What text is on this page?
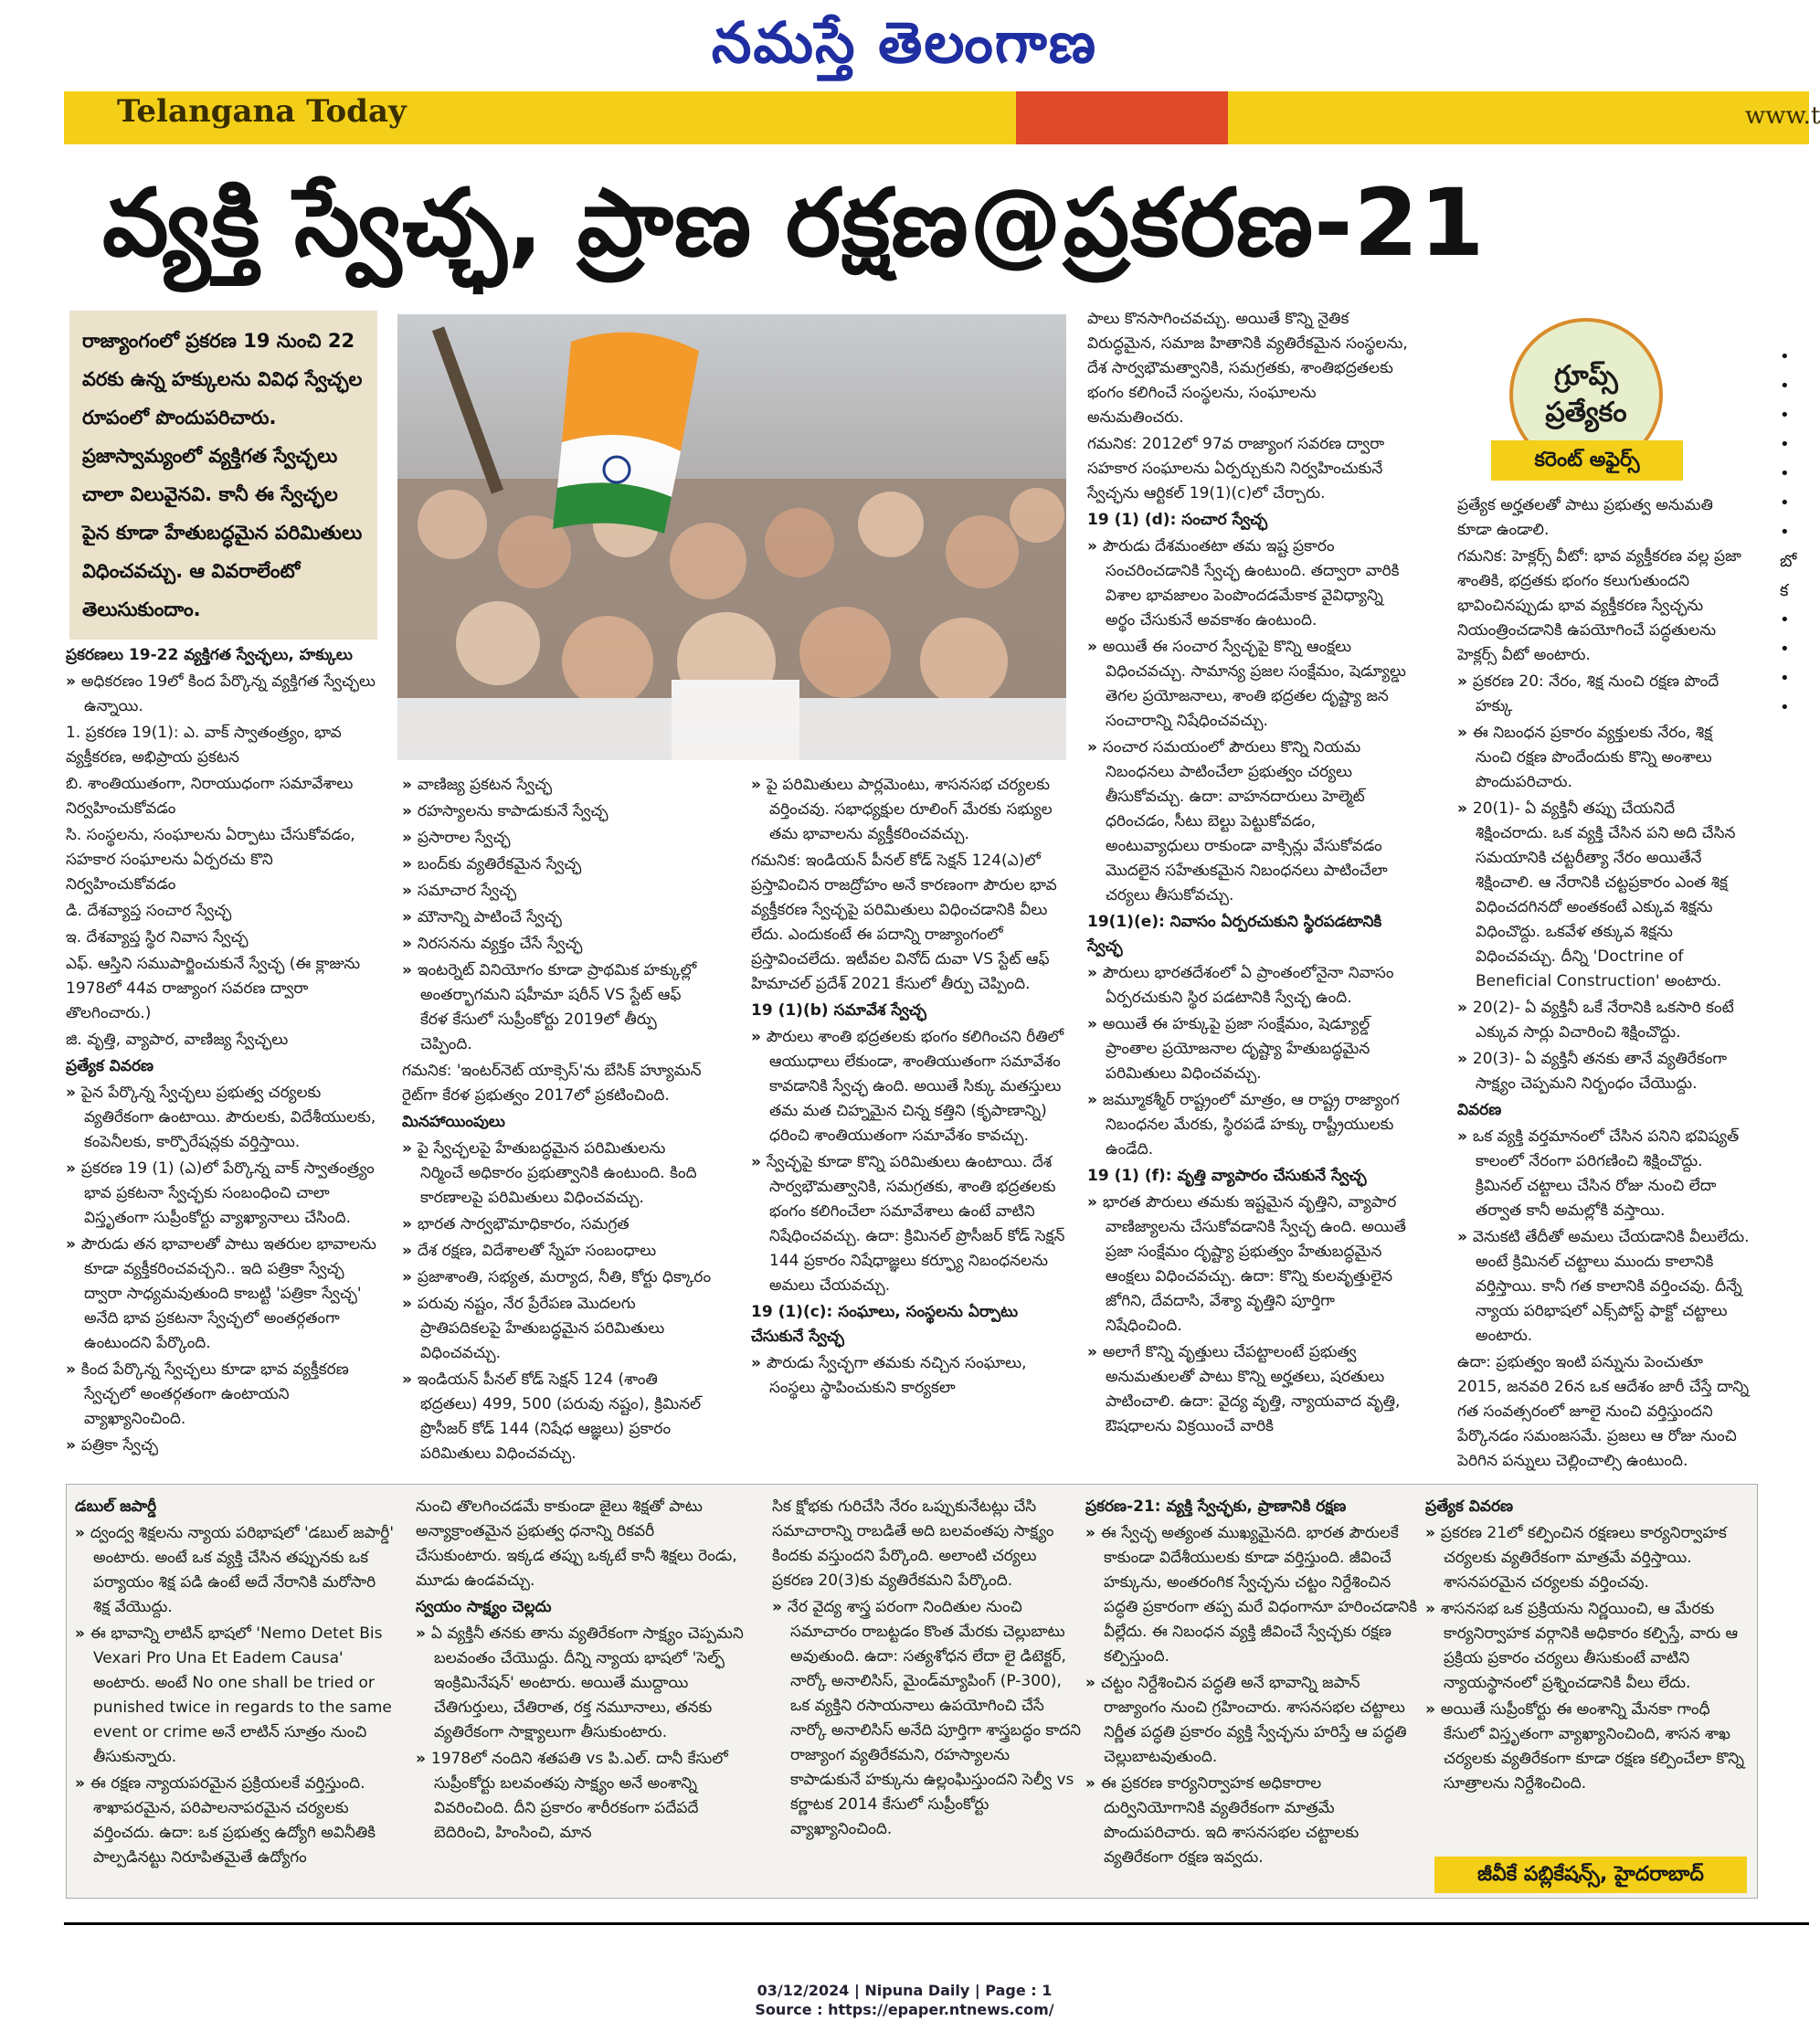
నమస్తే తెలంగాణ
Telangana Today	www.t
వ్యక్తి స్వేచ్ఛ, ప్రాణ రక్షణ@ప్రకరణ-21
రాజ్యాంగంలో ప్రకరణ 19 నుంచి 22 వరకు ఉన్న హక్కులను వివిధ స్వేచ్ఛల రూపంలో పొందుపరిచారు. ప్రజాస్వామ్యంలో వ్యక్తిగత స్వేచ్ఛలు చాలా విలువైనవి. కానీ ఈ స్వేచ్ఛల పైన కూడా హేతుబద్ధమైన పరిమితులు విధించవచ్చు. ఆ వివరాలేంటో తెలుసుకుందాం.

ప్రకరణలు 19-22 వ్యక్తిగత స్వేచ్ఛలు, హక్కులు

» అధికరణం 19లో కింద పేర్కొన్న వ్యక్తిగత స్వేచ్ఛలు ఉన్నాయి.

1. ప్రకరణ 19(1): ఎ. వాక్ స్వాతంత్ర్యం, భావ వ్యక్తీకరణ, అభిప్రాయ ప్రకటన

బి. శాంతియుతంగా, నిరాయుధంగా సమావేశాలు నిర్వహించుకోవడం

సి. సంస్థలను, సంఘాలను ఏర్పాటు చేసుకోవడం, సహకార సంఘాలను ఏర్పరచు కొని నిర్వహించుకోవడం

డి. దేశవ్యాప్త సంచార స్వేచ్ఛ

ఇ. దేశవ్యాప్త స్థిర నివాస స్వేచ్ఛ

ఎఫ్. ఆస్తిని సముపార్జించుకునే స్వేచ్ఛ (ఈ క్లాజును 1978లో 44వ రాజ్యాంగ సవరణ ద్వారా తొలగించారు.)

జి. వృత్తి, వ్యాపార, వాణిజ్య స్వేచ్ఛలు

ప్రత్యేక వివరణ

» పైన పేర్కొన్న స్వేచ్ఛలు ప్రభుత్వ చర్యలకు వ్యతిరేకంగా ఉంటాయి. పౌరులకు, విదేశీయులకు, కంపెనీలకు, కార్పొరేషన్లకు వర్తిస్తాయి.

» ప్రకరణ 19 (1) (ఎ)లో పేర్కొన్న వాక్ స్వాతంత్ర్యం భావ ప్రకటనా స్వేచ్ఛకు సంబంధించి చాలా విస్తృతంగా సుప్రీంకోర్టు వ్యాఖ్యానాలు చేసింది.

» పౌరుడు తన భావాలతో పాటు ఇతరుల భావాలను కూడా వ్యక్తీకరించవచ్చని.. ఇది పత్రికా స్వేచ్ఛ ద్వారా సాధ్యమవుతుంది కాబట్టి 'పత్రికా స్వేచ్ఛ' అనేది భావ ప్రకటనా స్వేచ్ఛలో అంతర్గతంగా ఉంటుందని పేర్కొంది.

» కింద పేర్కొన్న స్వేచ్ఛలు కూడా భావ వ్యక్తీకరణ స్వేచ్ఛలో అంతర్గతంగా ఉంటాయని వ్యాఖ్యానించింది.

» పత్రికా స్వేచ్ఛ

» వాణిజ్య ప్రకటన స్వేచ్ఛ

» రహస్యాలను కాపాడుకునే స్వేచ్ఛ

» ప్రసారాల స్వేచ్ఛ

» బంద్‌కు వ్యతిరేకమైన స్వేచ్ఛ

» సమాచార స్వేచ్ఛ

» మౌనాన్ని పాటించే స్వేచ్ఛ

» నిరసనను వ్యక్తం చేసే స్వేచ్ఛ

» ఇంటర్నెట్ వినియోగం కూడా ప్రాథమిక హక్కుల్లో అంతర్భాగమని షహీమా షరీన్ VS స్టేట్ ఆఫ్ కేరళ కేసులో సుప్రీంకోర్టు 2019లో తీర్పు చెప్పింది.

గమనిక: 'ఇంటర్‌నెట్ యాక్సెస్‌'ను బేసిక్ హ్యూమన్ రైట్‌గా కేరళ ప్రభుత్వం 2017లో ప్రకటించింది.

మినహాయింపులు

» పై స్వేచ్ఛలపై హేతుబద్ధమైన పరిమితులను నిర్మించే అధికారం ప్రభుత్వానికి ఉంటుంది. కింది కారణాలపై పరిమితులు విధించవచ్చు.

» భారత సార్వభౌమాధికారం, సమగ్రత

» దేశ రక్షణ, విదేశాలతో స్నేహ సంబంధాలు

» ప్రజాశాంతి, సభ్యత, మర్యాద, నీతి, కోర్టు ధిక్కారం

» పరువు నష్టం, నేర ప్రేరేపణ మొదలగు ప్రాతిపదికలపై హేతుబద్ధమైన పరిమితులు విధించవచ్చు.

» ఇండియన్ పీనల్ కోడ్ సెక్షన్ 124 (శాంతి భద్రతలు) 499, 500 (పరువు నష్టం), క్రిమినల్ ప్రొసీజర్ కోడ్ 144 (నిషేధ ఆజ్ఞలు) ప్రకారం పరిమితులు విధించవచ్చు.

» పై పరిమితులు పార్లమెంటు, శాసనసభ చర్యలకు వర్తించవు. సభాధ్యక్షుల రూలింగ్ మేరకు సభ్యుల తమ భావాలను వ్యక్తీకరించవచ్చు.

గమనిక: ఇండియన్ పీనల్ కోడ్ సెక్షన్ 124(ఎ)లో ప్రస్తావించిన రాజద్రోహం అనే కారణంగా పౌరుల భావ వ్యక్తీకరణ స్వేచ్ఛపై పరిమితులు విధించడానికి వీలు లేదు. ఎందుకంటే ఈ పదాన్ని రాజ్యాంగంలో ప్రస్తావించలేదు. ఇటీవల వినోద్ దువా VS స్టేట్ ఆఫ్ హిమాచల్ ప్రదేశ్ 2021 కేసులో తీర్పు చెప్పింది.

19 (1)(b) సమావేశ స్వేచ్ఛ

» పౌరులు శాంతి భద్రతలకు భంగం కలిగించని రీతిలో ఆయుధాలు లేకుండా, శాంతియుతంగా సమావేశం కావడానికి స్వేచ్ఛ ఉంది. అయితే సిక్కు మతస్తులు తమ మత చిహ్నమైన చిన్న కత్తిని (కృపాణాన్ని) ధరించి శాంతియుతంగా సమావేశం కావచ్చు.

» స్వేచ్ఛపై కూడా కొన్ని పరిమితులు ఉంటాయి. దేశ సార్వభౌమత్వానికి, సమగ్రతకు, శాంతి భద్రతలకు భంగం కలిగించేలా సమావేశాలు ఉంటే వాటిని నిషేధించవచ్చు. ఉదా: క్రిమినల్ ప్రొసీజర్ కోడ్ సెక్షన్ 144 ప్రకారం నిషేధాజ్ఞలు కర్ఫ్యూ నిబంధనలను అమలు చేయవచ్చు.

19 (1)(c): సంఘాలు, సంస్థలను ఏర్పాటు చేసుకునే స్వేచ్ఛ

» పౌరుడు స్వేచ్ఛగా తమకు నచ్చిన సంఘాలు, సంస్థలు స్థాపించుకుని కార్యకలా

పాలు కొనసాగించవచ్చు. అయితే కొన్ని నైతిక విరుద్ధమైన, సమాజ హితానికి వ్యతిరేకమైన సంస్థలను, దేశ సార్వభౌమత్వానికి, సమగ్రతకు, శాంతిభద్రతలకు భంగం కలిగించే సంస్థలను, సంఘాలను అనుమతించరు.

గమనిక: 2012లో 97వ రాజ్యాంగ సవరణ ద్వారా సహకార సంఘాలను ఏర్పర్చుకుని నిర్వహించుకునే స్వేచ్ఛను ఆర్టికల్ 19(1)(c)లో చేర్చారు.

19 (1) (d): సంచార స్వేచ్ఛ

» పౌరుడు దేశమంతటా తమ ఇష్ట ప్రకారం సంచరించడానికి స్వేచ్ఛ ఉంటుంది. తద్వారా వారికి విశాల భావజాలం పెంపొందడమేకాక వైవిధ్యాన్ని అర్థం చేసుకునే అవకాశం ఉంటుంది.

» అయితే ఈ సంచార స్వేచ్ఛపై కొన్ని ఆంక్షలు విధించవచ్చు. సామాన్య ప్రజల సంక్షేమం, షెడ్యూల్డు తెగల ప్రయోజనాలు, శాంతి భద్రతల దృష్ట్యా జన సంచారాన్ని నిషేధించవచ్చు.

» సంచార సమయంలో పౌరులు కొన్ని నియమ నిబంధనలు పాటించేలా ప్రభుత్వం చర్యలు తీసుకోవచ్చు. ఉదా: వాహనదారులు హెల్మెట్ ధరించడం, సీటు బెల్టు పెట్టుకోవడం, అంటువ్యాధులు రాకుండా వాక్సిన్లు వేసుకోవడం మొదలైన సహేతుకమైన నిబంధనలు పాటించేలా చర్యలు తీసుకోవచ్చు.

19(1)(e): నివాసం ఏర్పరచుకుని స్థిరపడటానికి స్వేచ్ఛ

» పౌరులు భారతదేశంలో ఏ ప్రాంతంలోనైనా నివాసం ఏర్పరచుకుని స్థిర పడటానికి స్వేచ్ఛ ఉంది.

» అయితే ఈ హక్కుపై ప్రజా సంక్షేమం, షెడ్యూల్డ్ ప్రాంతాల ప్రయోజనాల దృష్ట్యా హేతుబద్ధమైన పరిమితులు విధించవచ్చు.

» జమ్మూకశ్మీర్ రాష్ట్రంలో మాత్రం, ఆ రాష్ట్ర రాజ్యాంగ నిబంధనల మేరకు, స్థిరపడే హక్కు రాష్ట్రీయులకు ఉండేది.

19 (1) (f): వృత్తి వ్యాపారం చేసుకునే స్వేచ్ఛ

» భారత పౌరులు తమకు ఇష్టమైన వృత్తిని, వ్యాపార వాణిజ్యాలను చేసుకోవడానికి స్వేచ్ఛ ఉంది. అయితే ప్రజా సంక్షేమం దృష్ట్యా ప్రభుత్వం హేతుబద్ధమైన ఆంక్షలు విధించవచ్చు. ఉదా: కొన్ని కులవృత్తులైన జోగిని, దేవదాసి, వేశ్యా వృత్తిని పూర్తిగా నిషేధించింది.

» అలాగే కొన్ని వృత్తులు చేపట్టాలంటే ప్రభుత్వ అనుమతులతో పాటు కొన్ని అర్హతలు, షరతులు పాటించాలి. ఉదా: వైద్య వృత్తి, న్యాయవాద వృత్తి, ఔషధాలను విక్రయించే వారికి

ప్రత్యేక అర్హతలతో పాటు ప్రభుత్వ అనుమతి కూడా ఉండాలి.

గమనిక: హెక్లర్స్ వీటో: భావ వ్యక్తీకరణ వల్ల ప్రజా శాంతికి, భద్రతకు భంగం కలుగుతుందని భావించినప్పుడు భావ వ్యక్తీకరణ స్వేచ్ఛను నియంత్రించడానికి ఉపయోగించే పద్ధతులను హెక్లర్స్ వీటో అంటారు.

» ప్రకరణ 20: నేరం, శిక్ష నుంచి రక్షణ పొందే హక్కు

» ఈ నిబంధన ప్రకారం వ్యక్తులకు నేరం, శిక్ష నుంచి రక్షణ పొందేందుకు కొన్ని అంశాలు పొందుపరిచారు.

» 20(1)- ఏ వ్యక్తినీ తప్పు చేయనిదే శిక్షించరాదు. ఒక వ్యక్తి చేసిన పని అది చేసిన సమయానికి చట్టరీత్యా నేరం అయితేనే శిక్షించాలి. ఆ నేరానికి చట్టప్రకారం ఎంత శిక్ష విధించదగినదో అంతకంటే ఎక్కువ శిక్షను విధించొద్దు. ఒకవేళ తక్కువ శిక్షను విధించవచ్చు. దీన్ని 'Doctrine of Beneficial Construction' అంటారు.

» 20(2)- ఏ వ్యక్తినీ ఒకే నేరానికి ఒకసారి కంటే ఎక్కువ సార్లు విచారించి శిక్షించొద్దు.

» 20(3)- ఏ వ్యక్తినీ తనకు తానే వ్యతిరేకంగా సాక్ష్యం చెప్పమని నిర్బంధం చేయొద్దు.

వివరణ

» ఒక వ్యక్తి వర్తమానంలో చేసిన పనిని భవిష్యత్ కాలంలో నేరంగా పరిగణించి శిక్షించొద్దు. క్రిమినల్ చట్టాలు చేసిన రోజు నుంచి లేదా తర్వాత కానీ అమల్లోకి వస్తాయి.

» వెనుకటి తేదీతో అమలు చేయడానికి వీలులేదు. అంటే క్రిమినల్ చట్టాలు ముందు కాలానికి వర్తిస్తాయి. కానీ గత కాలానికి వర్తించవు. దీన్నే న్యాయ పరిభాషలో ఎక్స్‌పోస్ట్ ఫాక్టో చట్టాలు అంటారు.

ఉదా: ప్రభుత్వం ఇంటి పన్నును పెంచుతూ 2015, జనవరి 26న ఒక ఆదేశం జారీ చేస్తే దాన్ని గత సంవత్సరంలో జూలై నుంచి వర్తిస్తుందని పేర్కొనడం సమంజసమే. ప్రజలు ఆ రోజు నుంచి పెరిగిన పన్నులు చెల్లించాల్సి ఉంటుంది.

గ్రూప్స్
ప్రత్యేకం
కరెంట్ అఫైర్స్

డబుల్ జపార్డీ

» ద్వంద్వ శిక్షలను న్యాయ పరిభాషలో 'డబుల్ జపార్డీ' అంటారు. అంటే ఒక వ్యక్తి చేసిన తప్పునకు ఒక పర్యాయం శిక్ష పడి ఉంటే అదే నేరానికి మరోసారి శిక్ష వేయొద్దు.

» ఈ భావాన్ని లాటిన్ భాషలో 'Nemo Detet Bis Vexari Pro Una Et Eadem Causa' అంటారు. అంటే No one shall be tried or punished twice in regards to the same event or crime అనే లాటిన్ సూత్రం నుంచి తీసుకున్నారు.

» ఈ రక్షణ న్యాయపరమైన ప్రక్రియలకే వర్తిస్తుంది. శాఖాపరమైన, పరిపాలనాపరమైన చర్యలకు వర్తించదు. ఉదా: ఒక ప్రభుత్వ ఉద్యోగి అవినీతికి పాల్పడినట్టు నిరూపితమైతే ఉద్యోగం

నుంచి తొలగించడమే కాకుండా జైలు శిక్షతో పాటు అన్యాక్రాంతమైన ప్రభుత్వ ధనాన్ని రికవరీ చేసుకుంటారు. ఇక్కడ తప్పు ఒక్కటే కానీ శిక్షలు రెండు, మూడు ఉండవచ్చు.

స్వయం సాక్ష్యం చెల్లదు

» ఏ వ్యక్తినీ తనకు తాను వ్యతిరేకంగా సాక్ష్యం చెప్పమని బలవంతం చేయొద్దు. దీన్ని న్యాయ భాషలో 'సెల్ఫ్ ఇంక్రిమినేషన్' అంటారు. అయితే ముద్దాయి చేతిగుర్తులు, చేతిరాత, రక్త నమూనాలు, తనకు వ్యతిరేకంగా సాక్ష్యాలుగా తీసుకుంటారు.

» 1978లో నందిని శతపతి vs పి.ఎల్. దానీ కేసులో సుప్రీంకోర్టు బలవంతపు సాక్ష్యం అనే అంశాన్ని వివరించింది. దీని ప్రకారం శారీరకంగా పదేపదే బెదిరించి, హింసించి, మాన

సిక క్షోభకు గురిచేసి నేరం ఒప్పుకునేటట్లు చేసి సమాచారాన్ని రాబడితే అది బలవంతపు సాక్ష్యం కిందకు వస్తుందని పేర్కొంది. అలాంటి చర్యలు ప్రకరణ 20(3)కు వ్యతిరేకమని పేర్కొంది.

» నేర వైద్య శాస్త్ర పరంగా నిందితుల నుంచి సమాచారం రాబట్టడం కొంత మేరకు చెల్లుబాటు అవుతుంది. ఉదా: సత్యశోధన లేదా లై డిటెక్టర్, నార్కో అనాలిసిస్, మైండ్‌మ్యాపింగ్ (P-300), ఒక వ్యక్తిని రసాయనాలు ఉపయోగించి చేసే నార్కో అనాలిసిస్ అనేది పూర్తిగా శాస్త్రబద్ధం కాదని రాజ్యాంగ వ్యతిరేకమని, రహస్యాలను కాపాడుకునే హక్కును ఉల్లంఘిస్తుందని సెల్వీ vs కర్ణాటక 2014 కేసులో సుప్రీంకోర్టు వ్యాఖ్యానించింది.

ప్రకరణ-21: వ్యక్తి స్వేచ్ఛకు, ప్రాణానికి రక్షణ

» ఈ స్వేచ్ఛ అత్యంత ముఖ్యమైనది. భారత పౌరులకే కాకుండా విదేశీయులకు కూడా వర్తిస్తుంది. జీవించే హక్కును, అంతరంగిక స్వేచ్ఛను చట్టం నిర్దేశించిన పద్ధతి ప్రకారంగా తప్ప మరే విధంగానూ హరించడానికి వీల్లేదు. ఈ నిబంధన వ్యక్తి జీవించే స్వేచ్ఛకు రక్షణ కల్పిస్తుంది.

» చట్టం నిర్దేశించిన పద్ధతి అనే భావాన్ని జపాన్ రాజ్యాంగం నుంచి గ్రహించారు. శాసనసభల చట్టాలు నిర్ణీత పద్ధతి ప్రకారం వ్యక్తి స్వేచ్ఛను హరిస్తే ఆ పద్ధతి చెల్లుబాటవుతుంది.

» ఈ ప్రకరణ కార్యనిర్వాహక అధికారాల దుర్వినియోగానికి వ్యతిరేకంగా మాత్రమే పొందుపరిచారు. ఇది శాసనసభల చట్టాలకు వ్యతిరేకంగా రక్షణ ఇవ్వదు.

ప్రత్యేక వివరణ

» ప్రకరణ 21లో కల్పించిన రక్షణలు కార్యనిర్వాహక చర్యలకు వ్యతిరేకంగా మాత్రమే వర్తిస్తాయి. శాసనపరమైన చర్యలకు వర్తించవు.

» శాసనసభ ఒక ప్రక్రియను నిర్ణయించి, ఆ మేరకు కార్యనిర్వాహక వర్గానికి అధికారం కల్పిస్తే, వారు ఆ ప్రక్రియ ప్రకారం చర్యలు తీసుకుంటే వాటిని న్యాయస్థానంలో ప్రశ్నించడానికి వీలు లేదు.

» అయితే సుప్రీంకోర్టు ఈ అంశాన్ని మేనకా గాంధీ కేసులో విస్తృతంగా వ్యాఖ్యానించింది, శాసన శాఖ చర్యలకు వ్యతిరేకంగా కూడా రక్షణ కల్పించేలా కొన్ని సూత్రాలను నిర్దేశించింది.

జీవీకే పబ్లికేషన్స్, హైదరాబాద్
03/12/2024 | Nipuna Daily | Page : 1
Source : https://epaper.ntnews.com/
•
•
•
•
•
•
•
బో
క
•
•
•
•
